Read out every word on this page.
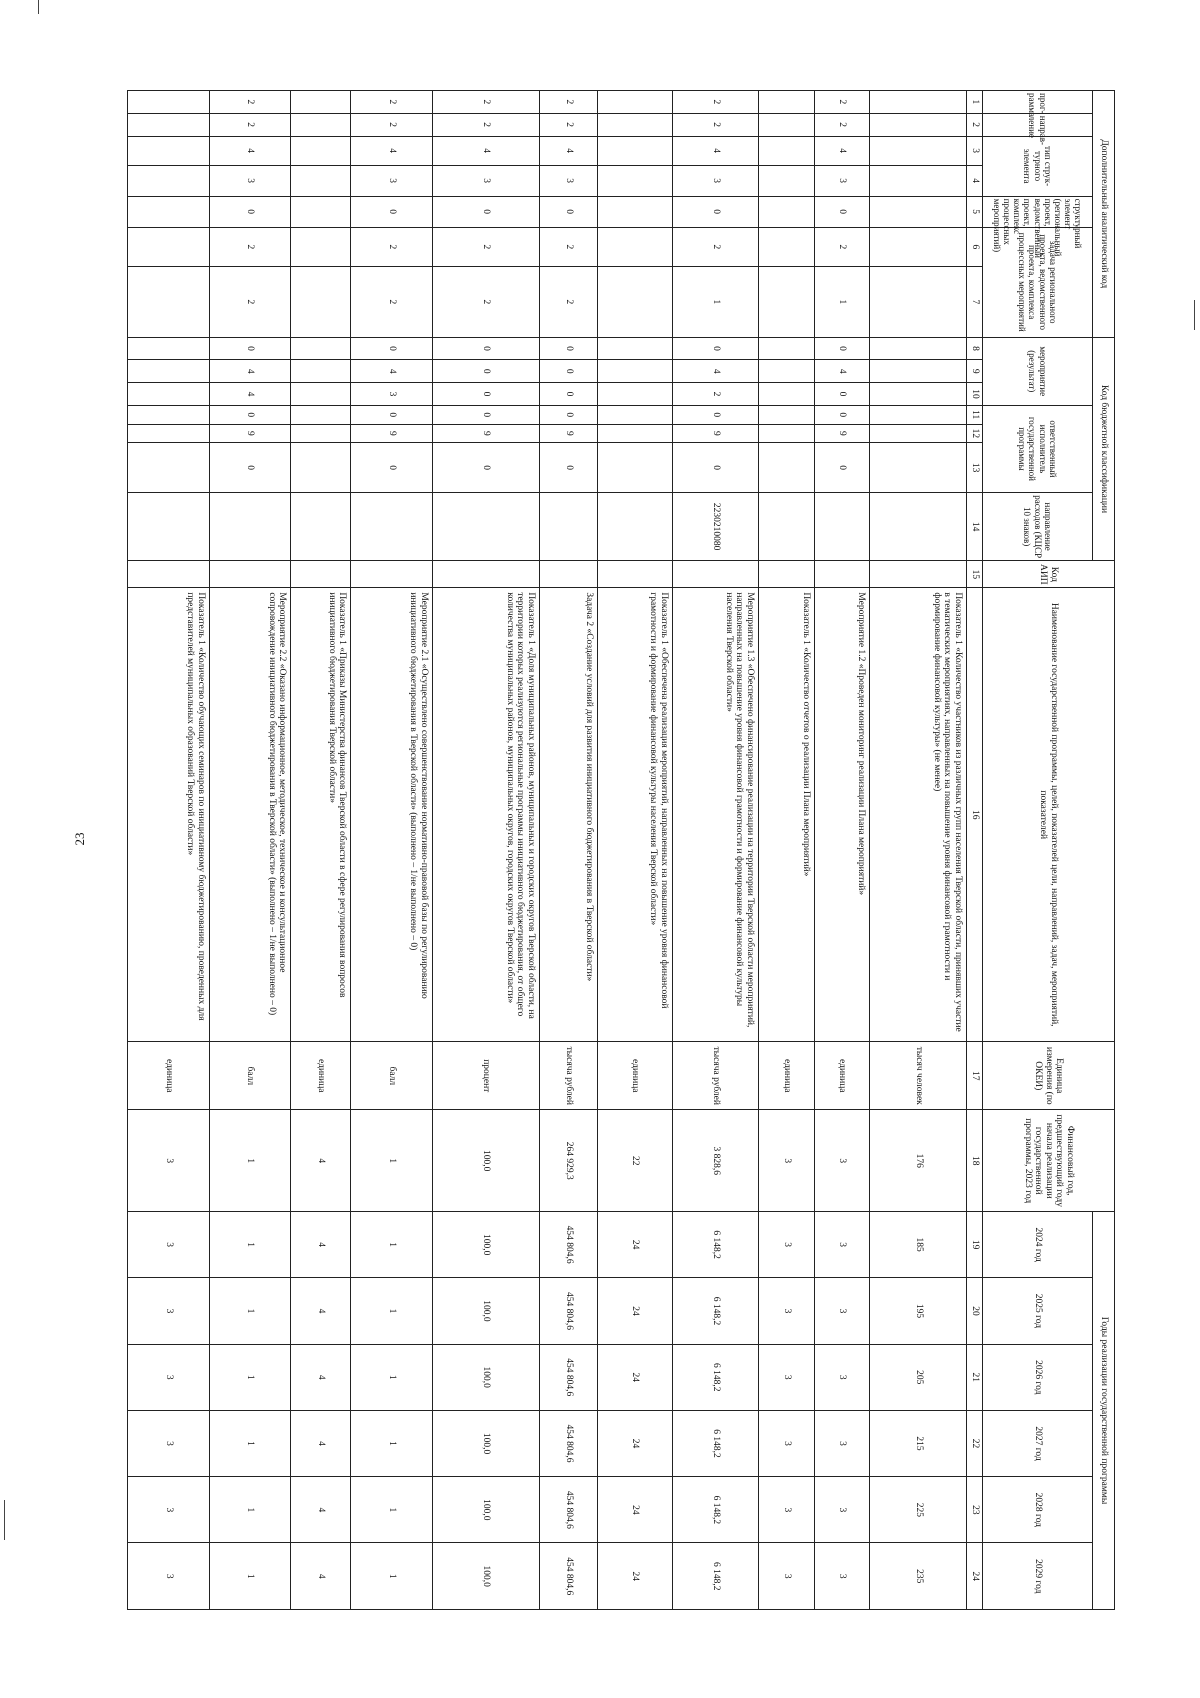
23
Дополнительный аналитический код							Код бюджетной классификации							Код АИП	Наименование государственной программы, целей, показателей цели, направлений, задач, мероприятий, показателей	Единица измерения (по ОКЕИ)	Финансовый год, предшествующий году начала реализации государственной программы, 2023 год	Годы реализации государственной программы					
прог-рамма	направ-ление	тип струк-турного элемента		структурный элемент (региональный проект, ведомственный проект, комплекс процессных мероприятий)	задача регионального проекта, ведомственного проекта, комплекса процессных мероприятий		мероприятие (результат)			ответственный исполнитель государственной программы			направление расходов (КЦСР 10 знаков)					2024 год	2025 год	2026 год	2027 год	2028 год	2029 год
1	2	3	4	5	6	7	8	9	10	11	12	13	14	15	16	17	18	19	20	21	22	23	24
															Показатель 1 «Количество участников из различных групп населения Тверской области, принявших участие в тематических мероприятиях, направленных на повышение уровня финансовой грамотности и формирование финансовой культуры» (не менее)	тысяч человек	176	185	195	205	215	225	235
2	2	4	3	0	2	1	0	4	0	0	9	0			Мероприятие 1.2 «Проведен мониторинг реализации Плана мероприятий»	единица	3	3	3	3	3	3	3
															Показатель 1 «Количество отчетов о реализации Плана мероприятий»	единица	3	3	3	3	3	3	3
2	2	4	3	0	2	1	0	4	2	0	9	0	2230210080		Мероприятие 1.3 «Обеспечено финансирование реализации на территории Тверской области мероприятий, направленных на повышение уровня финансовой грамотности и формирование финансовой культуры населения Тверской области»	тысяча рублей	3 828,6	6 148,2	6 148,2	6 148,2	6 148,2	6 148,2	6 148,2
															Показатель 1 «Обеспечена реализация мероприятий, направленных на повышение уровня финансовой грамотности и формирование финансовой культуры населения Тверской области»	единица	22	24	24	24	24	24	24
2	2	4	3	0	2	2	0	0	0	0	9	0			Задача 2 «Создание условий для развития инициативного бюджетирования в Тверской области»	тысяча рублей	264 929,3	454 804,6	454 804,6	454 804,6	454 804,6	454 804,6	454 804,6
2	2	4	3	0	2	2	0	0	0	0	9	0			Показатель 1 «Доля муниципальных районов, муниципальных и городских округов Тверской области, на территории которых реализуются региональные программы инициативного бюджетирования, от общего количества муниципальных районов, муниципальных округов, городских округов Тверской области»	процент	100,0	100,0	100,0	100,0	100,0	100,0	100,0
2	2	4	3	0	2	2	0	4	3	0	9	0			Мероприятие 2.1 «Осуществлено совершенствование нормативно-правовой базы по регулированию инициативного бюджетирования в Тверской области» (выполнено – 1/не выполнено – 0)	балл	1	1	1	1	1	1	1
															Показатель 1 «Приказы Министерства финансов Тверской области в сфере регулирования вопросов инициативного бюджетирования Тверской области»	единица	4	4	4	4	4	4	4
2	2	4	3	0	2	2	0	4	4	0	9	0			Мероприятие 2.2 «Оказано информационное, методическое, техническое и консультационное сопровождение инициативного бюджетирования в Тверской области» (выполнено – 1/не выполнено – 0)	балл	1	1	1	1	1	1	1
															Показатель 1 «Количество обучающих семинаров по инициативному бюджетированию, проведенных для представителей муниципальных образований Тверской области»	единица	3	3	3	3	3	3	3
